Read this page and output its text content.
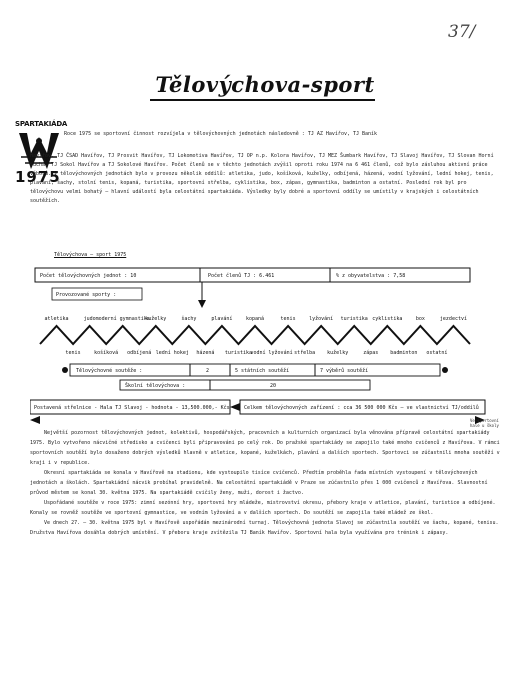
37/
Tělovýchova-sport
SPARTAKIÁDA
1975
Roce 1975 se sportovní činnost rozvíjela v tělovýchovných jednotách následovně : TJ AZ Havířov, TJ Baník
Havířov, TJ ČSAD Havířov, TJ Prosvit Havířov, TJ Lokomotiva Havířov, TJ OP n.p. Kolora Havířov, TJ MEZ Šumbark Havířov, TJ Slavoj Havířov, TJ Slovan Horní Suchá, TJ Sokol Havířov a TJ Sokolové Havířov. Počet členů se v těchto jednotách zvýšil oproti roku 1974 na 6 461 členů, což bylo zásluhou aktivní práce výborů. V tělovýchovných jednotách bylo v provozu několik oddílů: atletika, judo, košíková, kuželky, odbíjená, házená, vodní lyžování, lední hokej, tenis, plavání, šachy, stolní tenis, kopaná, turistika, sportovní střelba, cyklistika, box, zápas, gymnastika, badminton a ostatní. Poslední rok byl pro tělovýchovu velmi bohatý – hlavní událostí byla celostátní spartakiáda. Výsledky byly dobré a sportovní oddíly se umístily v krajských i celostátních soutěžích.
Tělovýchova – sport 1975
Počet tělovýchovných jednot : 10	Počet členů TJ : 6.461	% z obyvatelstva : 7,58
Provozované sporty :
atletika	judo moderní gymnastika
kuželky	šachy	plavání	kopaná	tenis	lyžování turistika cyklistika	box	jezdectví
tenis	košíková odbíjená lední hokej házená turistika
vodní lyžování střelba kuželky	zápas badminton ostatní
Tělovýchovné soutěže :	2	5 státních soutěží	7 výběrů soutěží
Školní tělovýchova :	20
Postavená střelnice - Hala TJ Slavoj - hodnota - 13,500.000,- Kčs	Celkem tělovýchovných zařízení : cca 36 500 000 Kčs – ve vlastnictví TJ/oddílů
Ve sportovní hale u školy

Největší pozornost tělovýchovných jednot, kolektivů, hospodářských, pracovních a kulturních organizací byla věnována přípravě celostátní spartakiády 1975. Bylo vytvořeno nácvičné středisko a cvičenci byli připravováni po celý rok. Do pražské spartakiády se zapojilo také mnoho cvičenců z Havířova. V rámci sportovních soutěží bylo dosaženo dobrých výsledků hlavně v atletice, kopané, kuželkách, plavání a dalších sportech. Sportovci se zúčastnili mnoha soutěží v kraji i v republice.

Okresní spartakiáda se konala v Havířově na stadionu, kde vystoupilo tisíce cvičenců. Předtím proběhla řada místních vystoupení v tělovýchovných jednotách a školách. Spartakiádní nácvik probíhal pravidelně. Na celostátní spartakiádě v Praze se zúčastnilo přes 1 000 cvičenců z Havířova. Slavnostní průvod městem se konal 30. května 1975. Na spartakiádě cvičily ženy, muži, dorost i žactvo.

Uspořádané soutěže v roce 1975: zimní sezónní hry, sportovní hry mládeže, mistrovství okresu, přebory kraje v atletice, plavání, turistice a odbíjené. Konaly se rovněž soutěže ve sportovní gymnastice, ve vodním lyžování a v dalších sportech. Do soutěží se zapojila také mládež ze škol.

Ve dnech 27. – 30. května 1975 byl v Havířově uspořádán mezinárodní turnaj. Tělovýchovná jednota Slavoj se zúčastnila soutěží ve šachu, kopané, tenisu. Družstva Havířova dosáhla dobrých umístění. V přeboru kraje zvítězila TJ Baník Havířov. Sportovní hala byla využívána pro trénink i zápasy.
